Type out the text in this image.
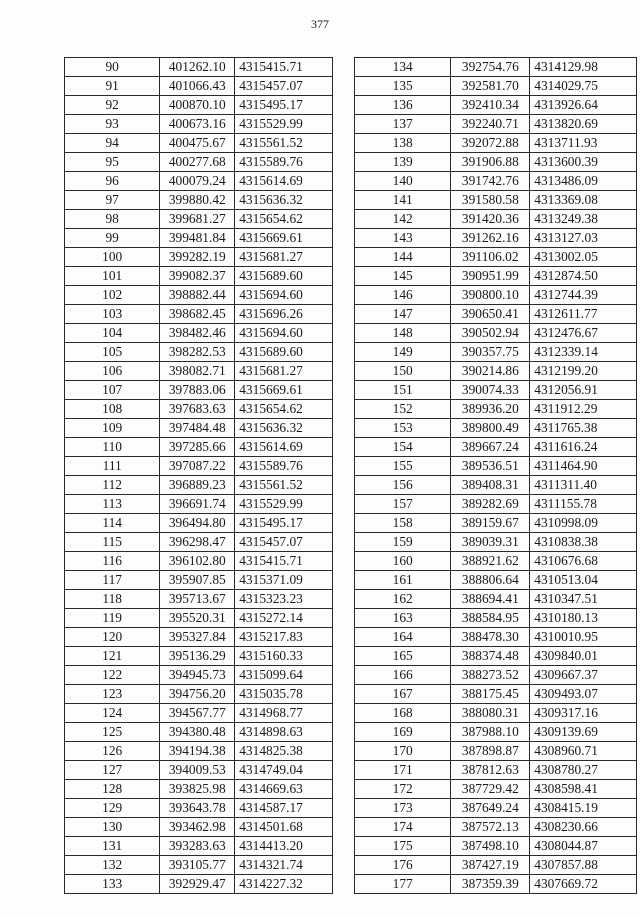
377
90	401262.10	4315415.71
91	401066.43	4315457.07
92	400870.10	4315495.17
93	400673.16	4315529.99
94	400475.67	4315561.52
95	400277.68	4315589.76
96	400079.24	4315614.69
97	399880.42	4315636.32
98	399681.27	4315654.62
99	399481.84	4315669.61
100	399282.19	4315681.27
101	399082.37	4315689.60
102	398882.44	4315694.60
103	398682.45	4315696.26
104	398482.46	4315694.60
105	398282.53	4315689.60
106	398082.71	4315681.27
107	397883.06	4315669.61
108	397683.63	4315654.62
109	397484.48	4315636.32
110	397285.66	4315614.69
111	397087.22	4315589.76
112	396889.23	4315561.52
113	396691.74	4315529.99
114	396494.80	4315495.17
115	396298.47	4315457.07
116	396102.80	4315415.71
117	395907.85	4315371.09
118	395713.67	4315323.23
119	395520.31	4315272.14
120	395327.84	4315217.83
121	395136.29	4315160.33
122	394945.73	4315099.64
123	394756.20	4315035.78
124	394567.77	4314968.77
125	394380.48	4314898.63
126	394194.38	4314825.38
127	394009.53	4314749.04
128	393825.98	4314669.63
129	393643.78	4314587.17
130	393462.98	4314501.68
131	393283.63	4314413.20
132	393105.77	4314321.74
133	392929.47	4314227.32
134	392754.76	4314129.98
135	392581.70	4314029.75
136	392410.34	4313926.64
137	392240.71	4313820.69
138	392072.88	4313711.93
139	391906.88	4313600.39
140	391742.76	4313486.09
141	391580.58	4313369.08
142	391420.36	4313249.38
143	391262.16	4313127.03
144	391106.02	4313002.05
145	390951.99	4312874.50
146	390800.10	4312744.39
147	390650.41	4312611.77
148	390502.94	4312476.67
149	390357.75	4312339.14
150	390214.86	4312199.20
151	390074.33	4312056.91
152	389936.20	4311912.29
153	389800.49	4311765.38
154	389667.24	4311616.24
155	389536.51	4311464.90
156	389408.31	4311311.40
157	389282.69	4311155.78
158	389159.67	4310998.09
159	389039.31	4310838.38
160	388921.62	4310676.68
161	388806.64	4310513.04
162	388694.41	4310347.51
163	388584.95	4310180.13
164	388478.30	4310010.95
165	388374.48	4309840.01
166	388273.52	4309667.37
167	388175.45	4309493.07
168	388080.31	4309317.16
169	387988.10	4309139.69
170	387898.87	4308960.71
171	387812.63	4308780.27
172	387729.42	4308598.41
173	387649.24	4308415.19
174	387572.13	4308230.66
175	387498.10	4308044.87
176	387427.19	4307857.88
177	387359.39	4307669.72
